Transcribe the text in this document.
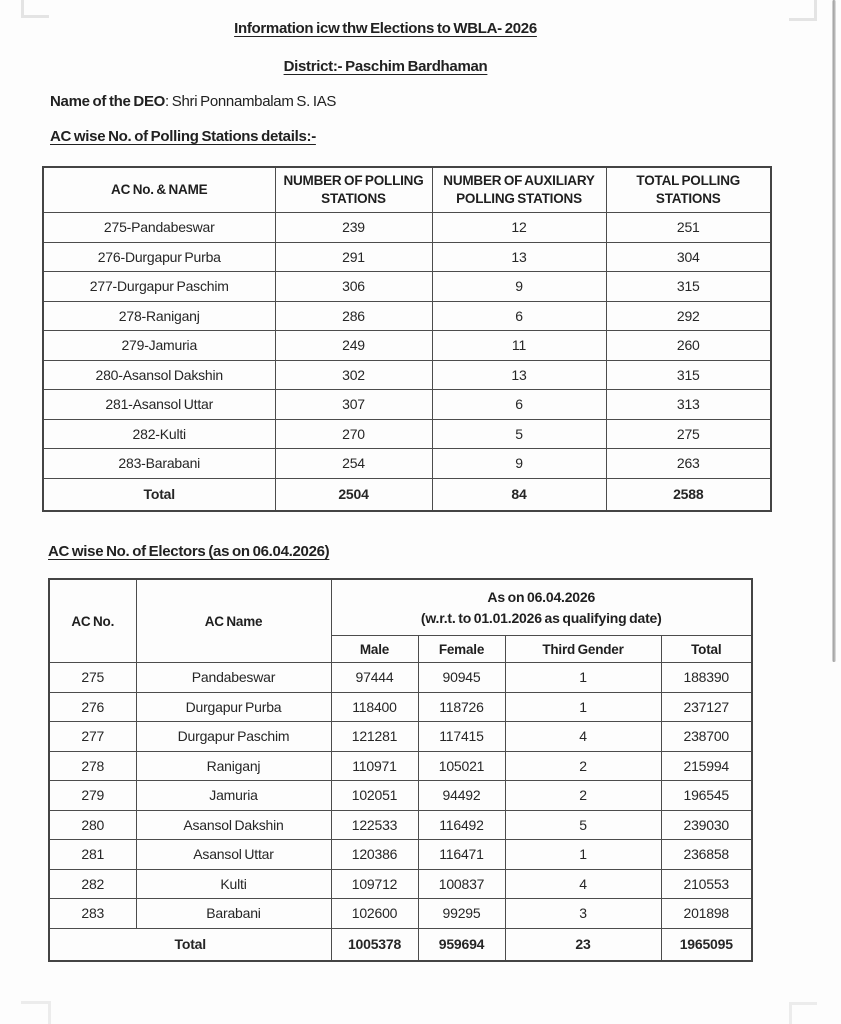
Information icw thw Elections to WBLA- 2026
District:- Paschim Bardhaman
Name of the DEO: Shri Ponnambalam S. IAS
AC wise No. of Polling Stations details:-
AC No. & NAME	NUMBER OF POLLING STATIONS	NUMBER OF AUXILIARY POLLING STATIONS	TOTAL POLLING STATIONS
275-Pandabeswar	239	12	251
276-Durgapur Purba	291	13	304
277-Durgapur Paschim	306	9	315
278-Raniganj	286	6	292
279-Jamuria	249	11	260
280-Asansol Dakshin	302	13	315
281-Asansol Uttar	307	6	313
282-Kulti	270	5	275
283-Barabani	254	9	263
Total	2504	84	2588
AC wise No. of Electors (as on 06.04.2026)
AC No.	AC Name	As on 06.04.2026
(w.r.t. to 01.01.2026 as qualifying date)			
		Male	Female	Third Gender	Total
275	Pandabeswar	97444	90945	1	188390
276	Durgapur Purba	118400	118726	1	237127
277	Durgapur Paschim	121281	117415	4	238700
278	Raniganj	110971	105021	2	215994
279	Jamuria	102051	94492	2	196545
280	Asansol Dakshin	122533	116492	5	239030
281	Asansol Uttar	120386	116471	1	236858
282	Kulti	109712	100837	4	210553
283	Barabani	102600	99295	3	201898
Total		1005378	959694	23	1965095
